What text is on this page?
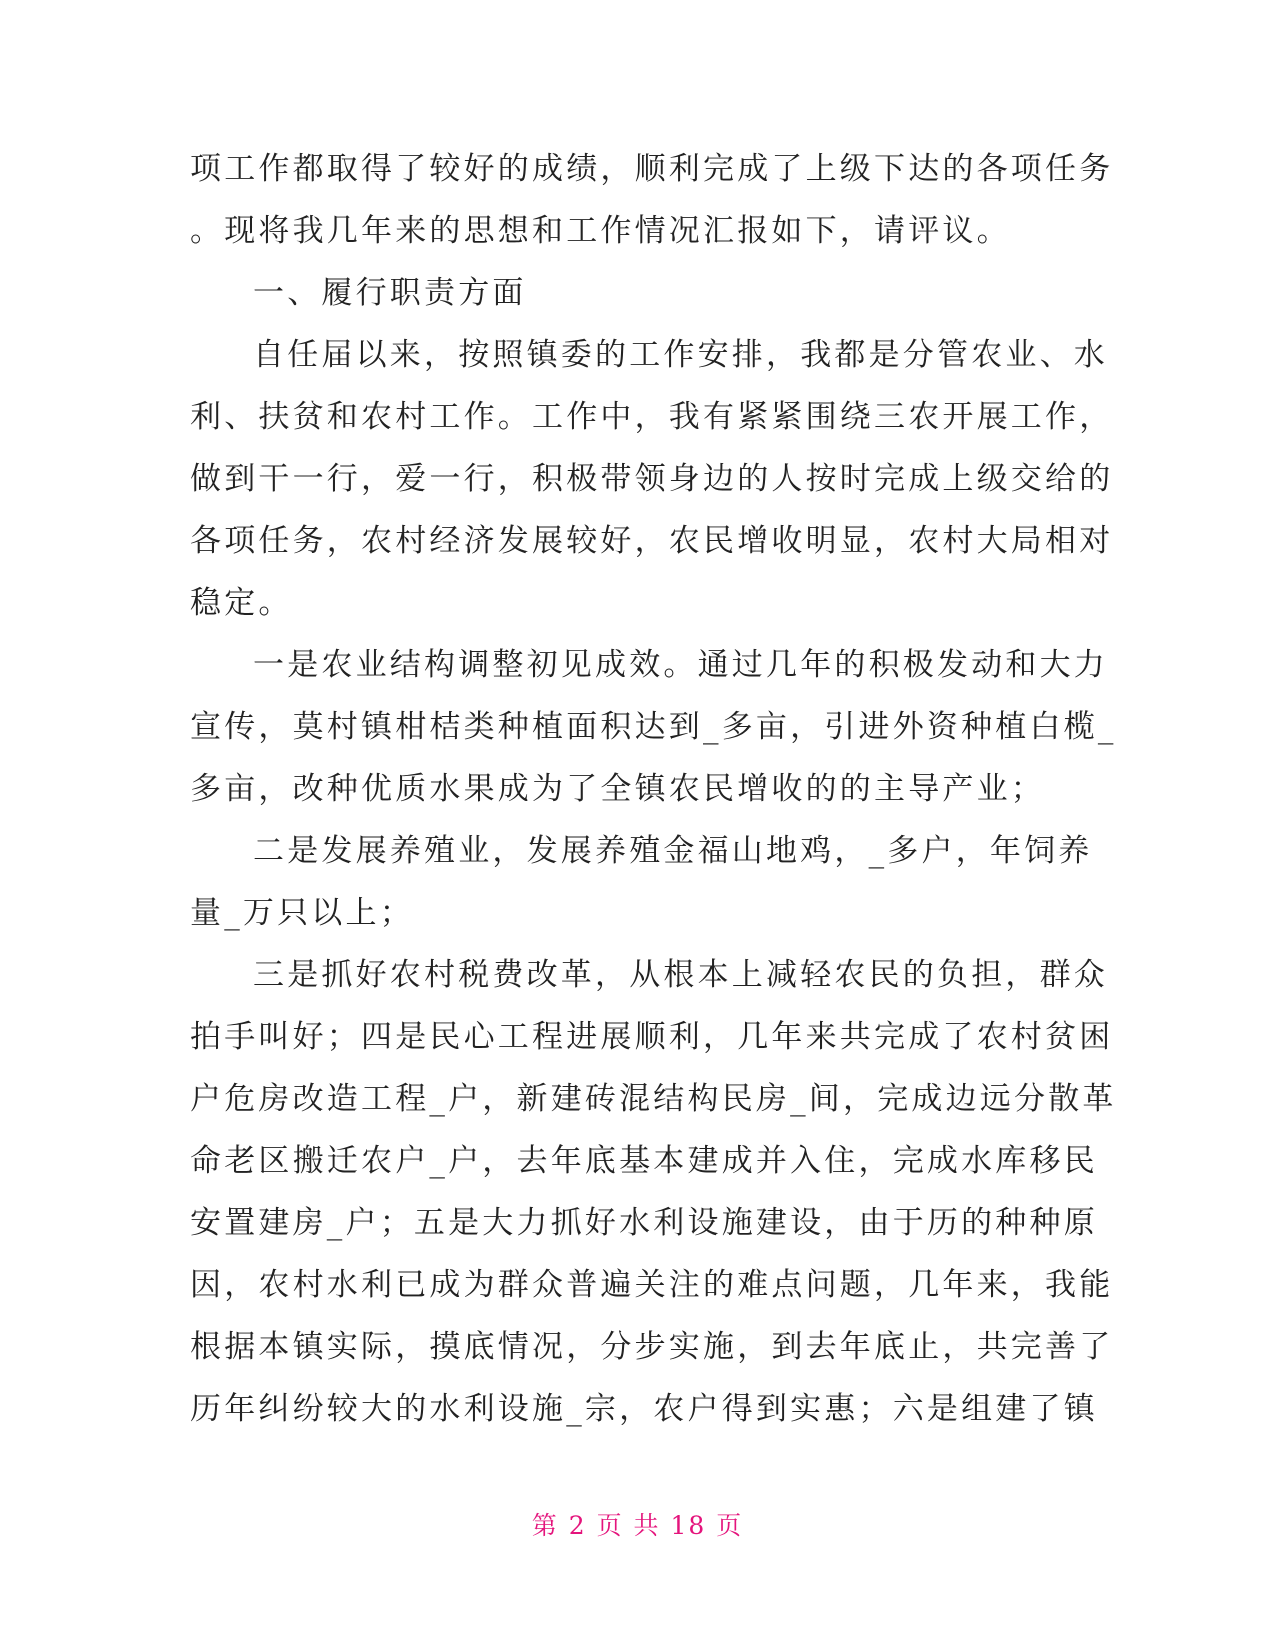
项工作都取得了较好的成绩，顺利完成了上级下达的各项任务
。现将我几年来的思想和工作情况汇报如下，请评议。
一、履行职责方面
自任届以来，按照镇委的工作安排，我都是分管农业、水
利、扶贫和农村工作。工作中，我有紧紧围绕三农开展工作，
做到干一行，爱一行，积极带领身边的人按时完成上级交给的
各项任务，农村经济发展较好，农民增收明显，农村大局相对
稳定。
一是农业结构调整初见成效。通过几年的积极发动和大力
宣传，莫村镇柑桔类种植面积达到_多亩，引进外资种植白榄_
多亩，改种优质水果成为了全镇农民增收的的主导产业；
二是发展养殖业，发展养殖金福山地鸡，_多户，年饲养
量_万只以上；
三是抓好农村税费改革，从根本上减轻农民的负担，群众
拍手叫好；四是民心工程进展顺利，几年来共完成了农村贫困
户危房改造工程_户，新建砖混结构民房_间，完成边远分散革
命老区搬迁农户_户，去年底基本建成并入住，完成水库移民
安置建房_户；五是大力抓好水利设施建设，由于历的种种原
因，农村水利已成为群众普遍关注的难点问题，几年来，我能
根据本镇实际，摸底情况，分步实施，到去年底止，共完善了
历年纠纷较大的水利设施_宗，农户得到实惠；六是组建了镇
第 2 页 共 18 页
